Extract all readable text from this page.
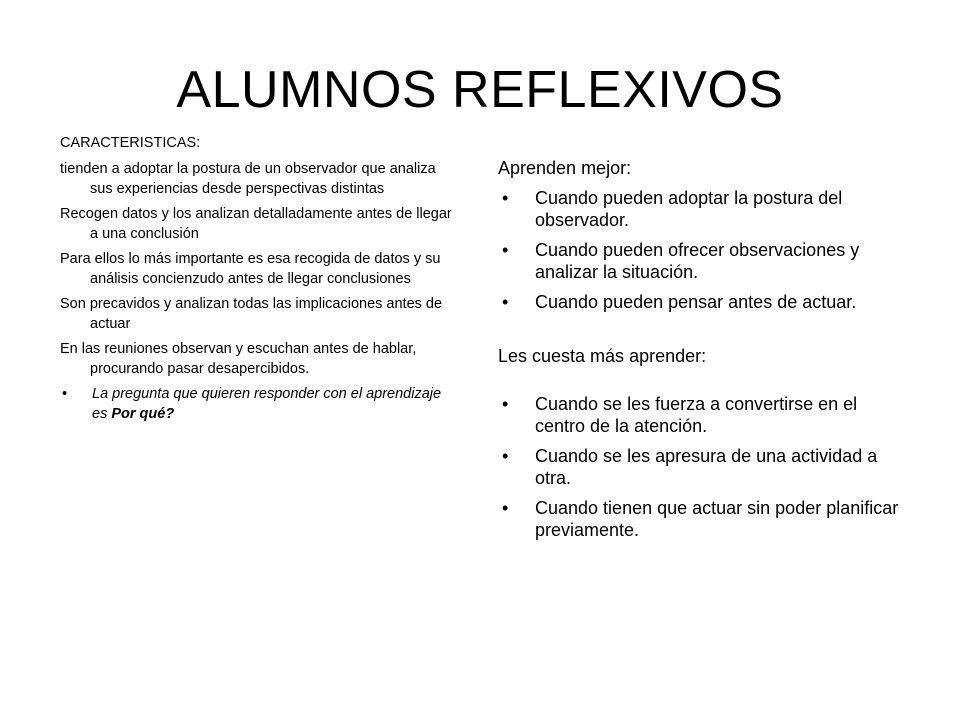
ALUMNOS REFLEXIVOS

CARACTERISTICAS:

tienden a adoptar la postura de un observador que analiza sus experiencias desde perspectivas distintas

Recogen datos y los analizan detalladamente antes de llegar a una conclusión

Para ellos lo más importante es esa recogida de datos y su análisis concienzudo antes de llegar conclusiones

Son precavidos y analizan todas las implicaciones antes de actuar

En las reuniones observan y escuchan antes de hablar, procurando pasar desapercibidos.

• La pregunta que quieren responder con el aprendizaje es Por qué?

Aprenden mejor:
• Cuando pueden adoptar la postura del observador.
• Cuando pueden ofrecer observaciones y analizar la situación.
• Cuando pueden pensar antes de actuar.
Les cuesta más aprender:
• Cuando se les fuerza a convertirse en el centro de la atención.
• Cuando se les apresura de una actividad a otra.
• Cuando tienen que actuar sin poder planificar previamente.
